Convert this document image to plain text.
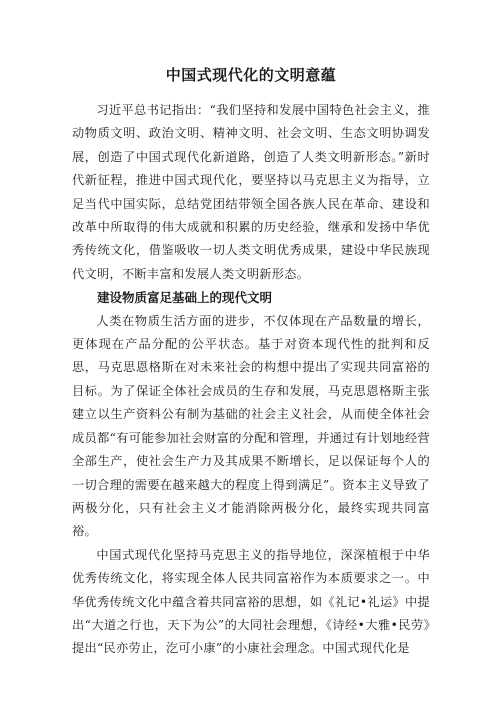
中国式现代化的文明意蕴

习近平总书记指出：“我们坚持和发展中国特色社会主义，推动物质文明、政治文明、精神文明、社会文明、生态文明协调发展，创造了中国式现代化新道路，创造了人类文明新形态。”新时代新征程，推进中国式现代化，要坚持以马克思主义为指导，立足当代中国实际，总结党团结带领全国各族人民在革命、建设和改革中所取得的伟大成就和积累的历史经验，继承和发扬中华优秀传统文化，借鉴吸收一切人类文明优秀成果，建设中华民族现代文明，不断丰富和发展人类文明新形态。

建设物质富足基础上的现代文明

人类在物质生活方面的进步，不仅体现在产品数量的增长，更体现在产品分配的公平状态。基于对资本现代性的批判和反思，马克思恩格斯在对未来社会的构想中提出了实现共同富裕的目标。为了保证全体社会成员的生存和发展，马克思恩格斯主张建立以生产资料公有制为基础的社会主义社会，从而使全体社会成员都“有可能参加社会财富的分配和管理，并通过有计划地经营全部生产，使社会生产力及其成果不断增长，足以保证每个人的一切合理的需要在越来越大的程度上得到满足”。资本主义导致了两极分化，只有社会主义才能消除两极分化，最终实现共同富裕。

中国式现代化坚持马克思主义的指导地位，深深植根于中华优秀传统文化，将实现全体人民共同富裕作为本质要求之一。中华优秀传统文化中蕴含着共同富裕的思想，如《礼记•礼运》中提出“大道之行也，天下为公”的大同社会理想，《诗经•大雅•民劳》提出“民亦劳止，汔可小康”的小康社会理念。中国式现代化是
